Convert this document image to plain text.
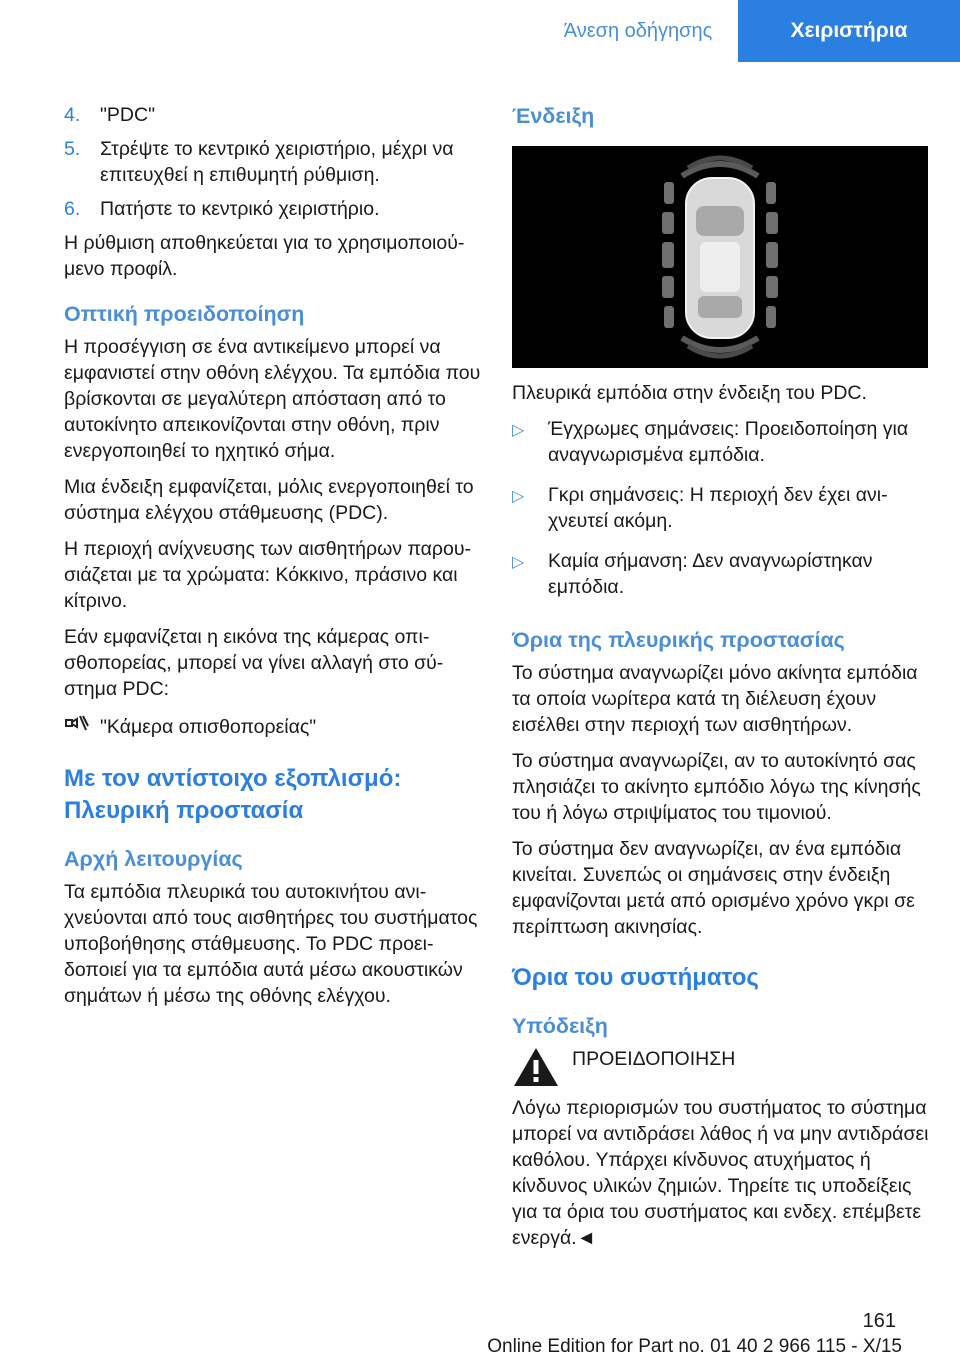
Άνεση οδήγησης	Χειριστήρια
4.	"PDC"
5.	Στρέψτε το κεντρικό χειριστήριο, μέχρι να επιτευχθεί η επιθυμητή ρύθμιση.
6.	Πατήστε το κεντρικό χειριστήριο.

Η ρύθμιση αποθηκεύεται για το χρησιμοποιούμενο προφίλ.

Οπτική προειδοποίηση

Η προσέγγιση σε ένα αντικείμενο μπορεί να εμφανιστεί στην οθόνη ελέγχου. Τα εμπόδια που βρίσκονται σε μεγαλύτερη απόσταση από το αυτοκίνητο απεικονίζονται στην οθόνη, πριν ενεργοποιηθεί το ηχητικό σήμα.

Μια ένδειξη εμφανίζεται, μόλις ενεργοποιηθεί το σύστημα ελέγχου στάθμευσης (PDC).

Η περιοχή ανίχνευσης των αισθητήρων παρουσιάζεται με τα χρώματα: Κόκκινο, πράσινο και κίτρινο.

Εάν εμφανίζεται η εικόνα της κάμερας οπισθοπορείας, μπορεί να γίνει αλλαγή στο σύστημα PDC:

"Κάμερα οπισθοπορείας"
Με τον αντίστοιχο εξοπλισμό: Πλευρική προστασία
Αρχή λειτουργίας

Τα εμπόδια πλευρικά του αυτοκινήτου ανιχνεύονται από τους αισθητήρες του συστήματος υποβοήθησης στάθμευσης. Το PDC προειδοποιεί για τα εμπόδια αυτά μέσω ακουστικών σημάτων ή μέσω της οθόνης ελέγχου.

Ένδειξη

Πλευρικά εμπόδια στην ένδειξη του PDC.

▷	Έγχρωμες σημάνσεις: Προειδοποίηση για αναγνωρισμένα εμπόδια.
▷	Γκρι σημάνσεις: Η περιοχή δεν έχει ανιχνευτεί ακόμη.
▷	Καμία σήμανση: Δεν αναγνωρίστηκαν εμπόδια.
Όρια της πλευρικής προστασίας

Το σύστημα αναγνωρίζει μόνο ακίνητα εμπόδια τα οποία νωρίτερα κατά τη διέλευση έχουν εισέλθει στην περιοχή των αισθητήρων.

Το σύστημα αναγνωρίζει, αν το αυτοκίνητό σας πλησιάζει το ακίνητο εμπόδιο λόγω της κίνησής του ή λόγω στριψίματος του τιμονιού.

Το σύστημα δεν αναγνωρίζει, αν ένα εμπόδια κινείται. Συνεπώς οι σημάνσεις στην ένδειξη εμφανίζονται μετά από ορισμένο χρόνο γκρι σε περίπτωση ακινησίας.

Όρια του συστήματος
Υπόδειξη
ΠΡΟΕΙΔΟΠΟΙΗΣΗ

Λόγω περιορισμών του συστήματος το σύστημα μπορεί να αντιδράσει λάθος ή να μην αντιδράσει καθόλου. Υπάρχει κίνδυνος ατυχήματος ή κίνδυνος υλικών ζημιών. Τηρείτε τις υποδείξεις για τα όρια του συστήματος και ενδεχ. επέμβετε ενεργά.◄

161
Online Edition for Part no. 01 40 2 966 115 - X/15
